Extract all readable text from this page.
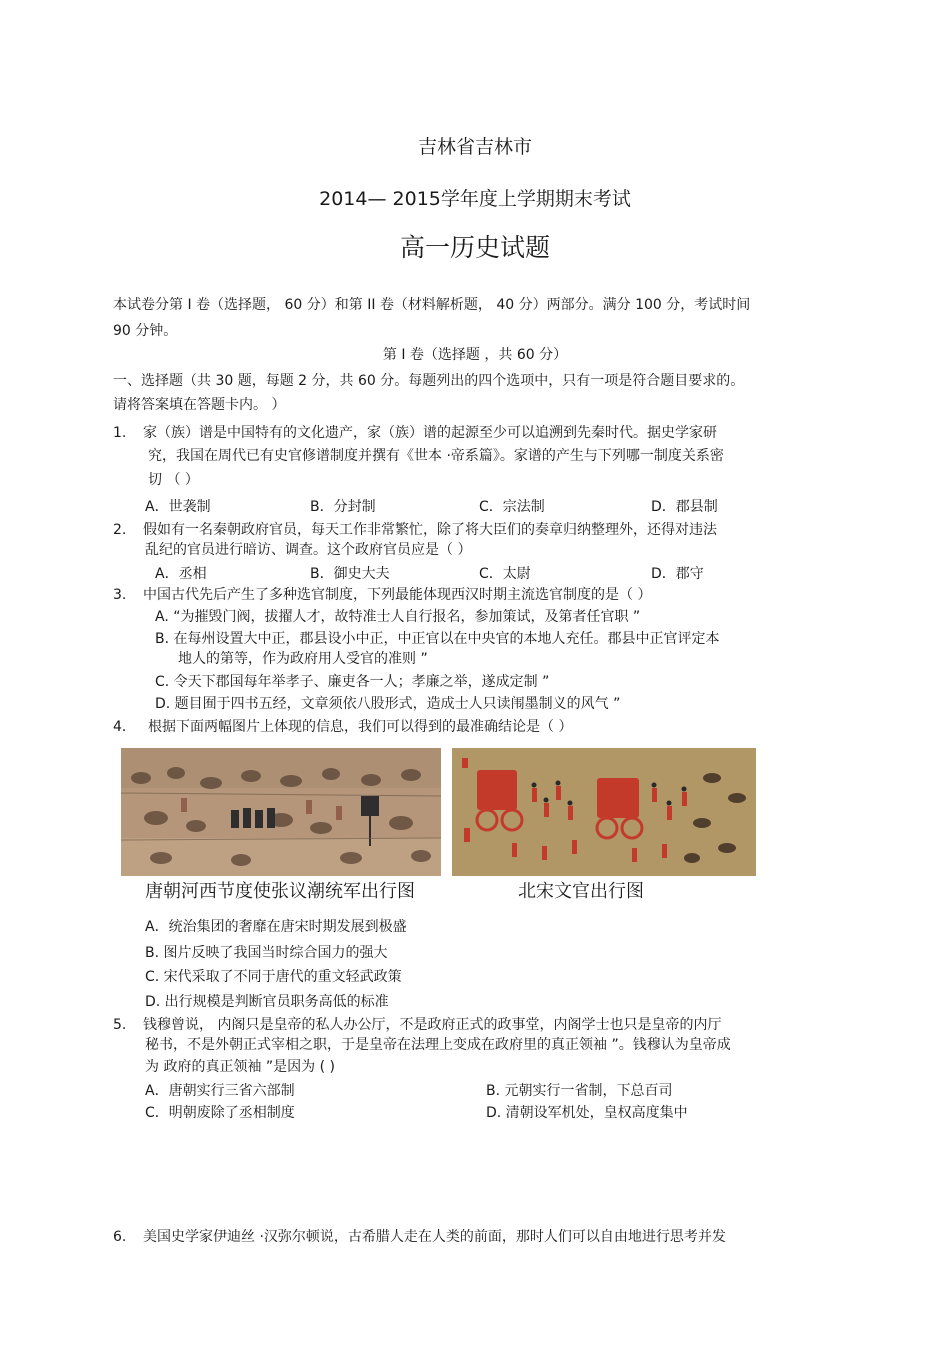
吉林省吉林市
2014— 2015学年度上学期期末考试
高一历史试题
本试卷分第 I 卷（选择题， 60 分）和第 II 卷（材料解析题， 40 分）两部分。满分 100 分，考试时间
90 分钟。
第 I 卷（选择题 ，共 60 分）
一、选择题（共 30 题，每题 2 分，共 60 分。每题列出的四个选项中，只有一项是符合题目要求的。
请将答案填在答题卡内。 ）
1. 家（族）谱是中国特有的文化遗产，家（族）谱的起源至少可以追溯到先秦时代。据史学家研
究，我国在周代已有史官修谱制度并撰有《世本 ·帝系篇》。家谱的产生与下列哪一制度关系密
切 （ ）
A．世袭制	B．分封制	C．宗法制	D．郡县制
2. 假如有一名秦朝政府官员，每天工作非常繁忙，除了将大臣们的奏章归纳整理外，还得对违法
乱纪的官员进行暗访、调查。这个政府官员应是（ ）
A．丞相	B．御史大夫	C．太尉	D．郡守
3. 中国古代先后产生了多种选官制度，下列最能体现西汉时期主流选官制度的是（ ）
A. “为摧毁门阀，拔擢人才，故特准士人自行报名，参加策试，及第者任官职 ”
B. 在每州设置大中正，郡县设小中正，中正官以在中央官的本地人充任。郡县中正官评定本
地人的第等，作为政府用人受官的准则 ”
C. 令天下郡国每年举孝子、廉吏各一人；孝廉之举，遂成定制 ”
D. 题目囿于四书五经，文章须依八股形式，造成士人只读闱墨制义的风气 ”
4． 根据下面两幅图片上体现的信息，我们可以得到的最准确结论是（ ）
唐朝河西节度使张议潮统军出行图	北宋文官出行图
A．统治集团的奢靡在唐宋时期发展到极盛
B. 图片反映了我国当时综合国力的强大
C. 宋代采取了不同于唐代的重文轻武政策
D. 出行规模是判断官员职务高低的标准
5. 钱穆曾说， 内阁只是皇帝的私人办公厅，不是政府正式的政事堂，内阁学士也只是皇帝的内厅
秘书，不是外朝正式宰相之职，于是皇帝在法理上变成在政府里的真正领袖 ”。钱穆认为皇帝成
为 政府的真正领袖 ”是因为 ( )
A．唐朝实行三省六部制	B. 元朝实行一省制，下总百司
C．明朝废除了丞相制度	D. 清朝设军机处，皇权高度集中
6. 美国史学家伊迪丝 ·汉弥尔顿说，古希腊人走在人类的前面，那时人们可以自由地进行思考并发
